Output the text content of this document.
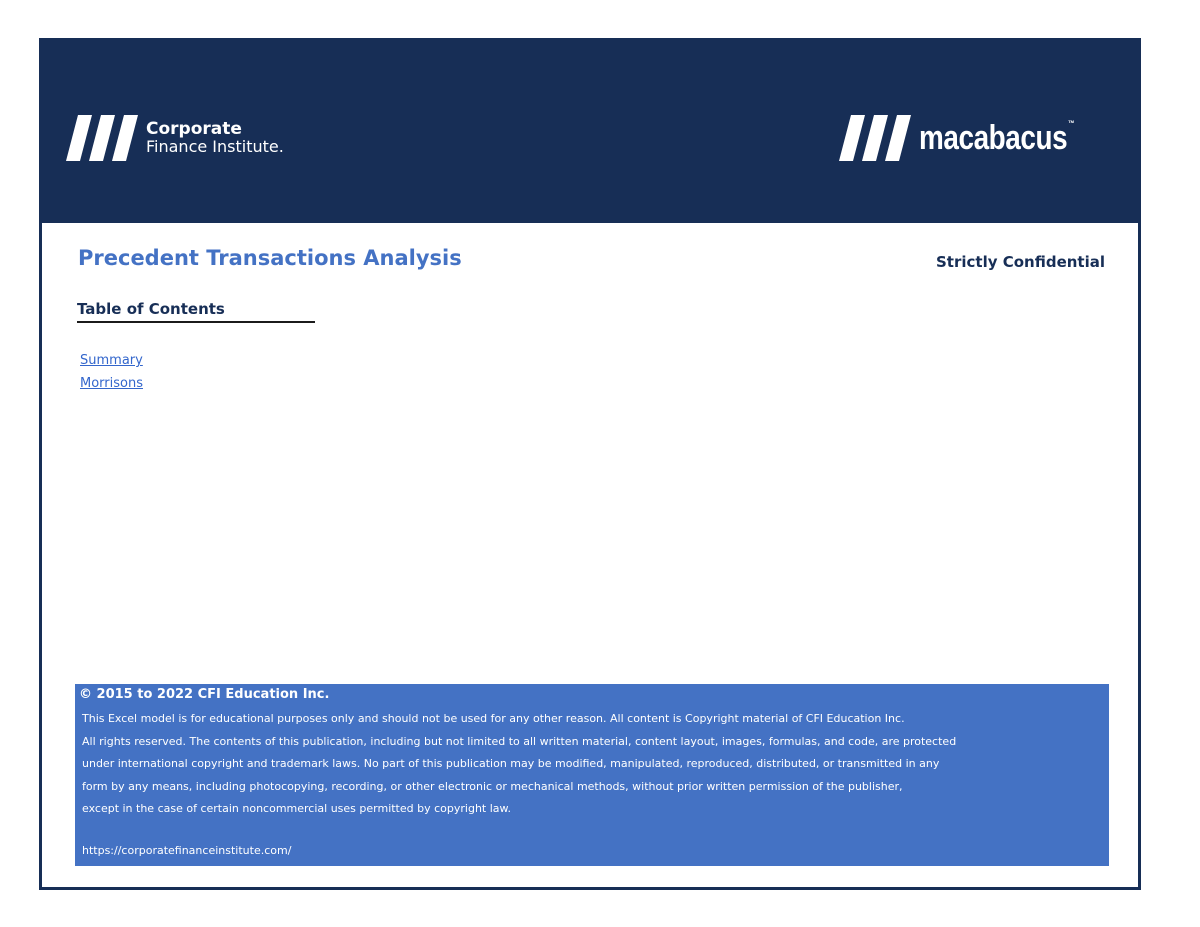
Corporate
Finance Institute.	macabacus™
Precedent Transactions Analysis	Strictly Confidential
Table of Contents
Summary
Morrisons
© 2015 to 2022 CFI Education Inc.
This Excel model is for educational purposes only and should not be used for any other reason. All content is Copyright material of CFI Education Inc.
All rights reserved. The contents of this publication, including but not limited to all written material, content layout, images, formulas, and code, are protected
under international copyright and trademark laws. No part of this publication may be modified, manipulated, reproduced, distributed, or transmitted in any
form by any means, including photocopying, recording, or other electronic or mechanical methods, without prior written permission of the publisher,
except in the case of certain noncommercial uses permitted by copyright law.
https://corporatefinanceinstitute.com/
